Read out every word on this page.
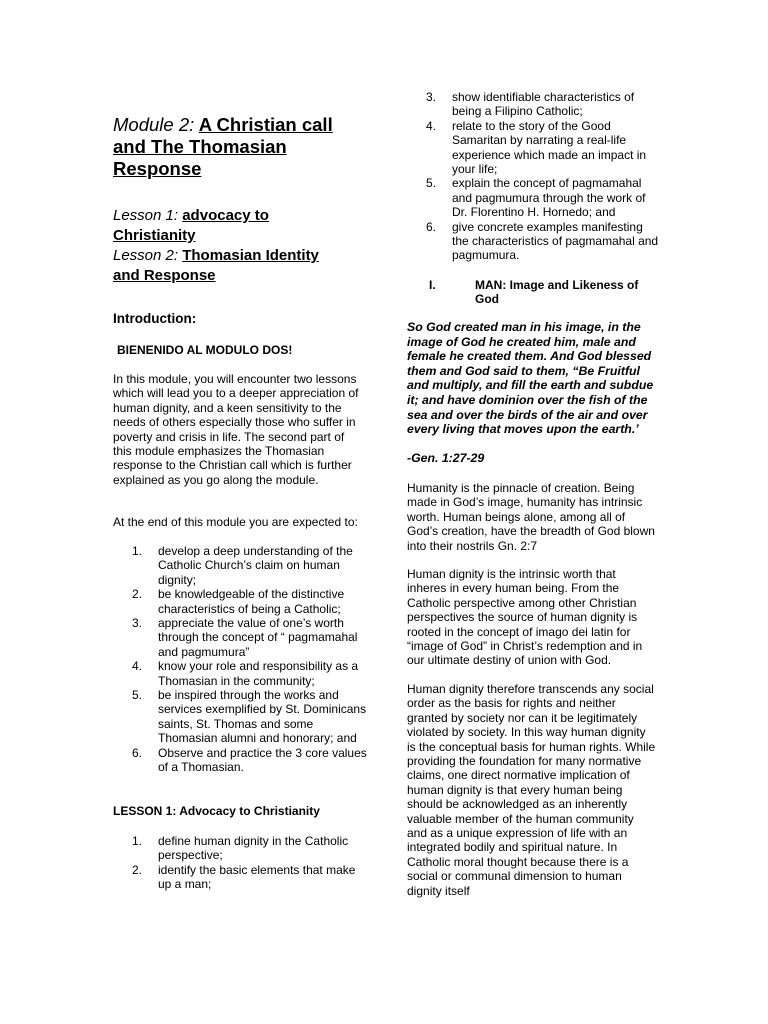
Module 2: A Christian call
and The Thomasian
Response
Lesson 1: advocacy to
Christianity
Lesson 2: Thomasian Identity
and Response
Introduction:
BIENENIDO AL MODULO DOS!

In this module, you will encounter two lessons which will lead you to a deeper appreciation of human dignity, and a keen sensitivity to the needs of others especially those who suffer in poverty and crisis in life. The second part of this module emphasizes the Thomasian response to the Christian call which is further explained as you go along the module.

At the end of this module you are expected to:

1.	develop a deep understanding of the Catholic Church’s claim on human dignity;
2.	be knowledgeable of the distinctive characteristics of being a Catholic;
3.	appreciate the value of one’s worth through the concept of “ pagmamahal and pagmumura”
4.	know your role and responsibility as a Thomasian in the community;
5.	be inspired through the works and services exemplified by St. Dominicans saints, St. Thomas and some Thomasian alumni and honorary; and
6.	Observe and practice the 3 core values of a Thomasian.
LESSON 1: Advocacy to Christianity
1.	define human dignity in the Catholic perspective;
2.	identify the basic elements that make up a man;
3.	show identifiable characteristics of being a Filipino Catholic;
4.	relate to the story of the Good Samaritan by narrating a real-life experience which made an impact in your life;
5.	explain the concept of pagmamahal and pagmumura through the work of Dr. Florentino H. Hornedo; and
6.	give concrete examples manifesting the characteristics of pagmamahal and pagmumura.
I.	MAN: Image and Likeness of God

So God created man in his image, in the image of God he created him, male and female he created them. And God blessed them and God said to them, “Be Fruitful and multiply, and fill the earth and subdue it; and have dominion over the fish of the sea and over the birds of the air and over every living that moves upon the earth.’

-Gen. 1:27-29

Humanity is the pinnacle of creation. Being made in God’s image, humanity has intrinsic worth. Human beings alone, among all of God’s creation, have the breadth of God blown into their nostrils Gn. 2:7

Human dignity is the intrinsic worth that inheres in every human being. From the Catholic perspective among other Christian perspectives the source of human dignity is rooted in the concept of imago dei latin for “image of God” in Christ’s redemption and in our ultimate destiny of union with God.

Human dignity therefore transcends any social order as the basis for rights and neither granted by society nor can it be legitimately violated by society. In this way human dignity is the conceptual basis for human rights. While providing the foundation for many normative claims, one direct normative implication of human dignity is that every human being should be acknowledged as an inherently valuable member of the human community and as a unique expression of life with an integrated bodily and spiritual nature. In Catholic moral thought because there is a social or communal dimension to human dignity itself
